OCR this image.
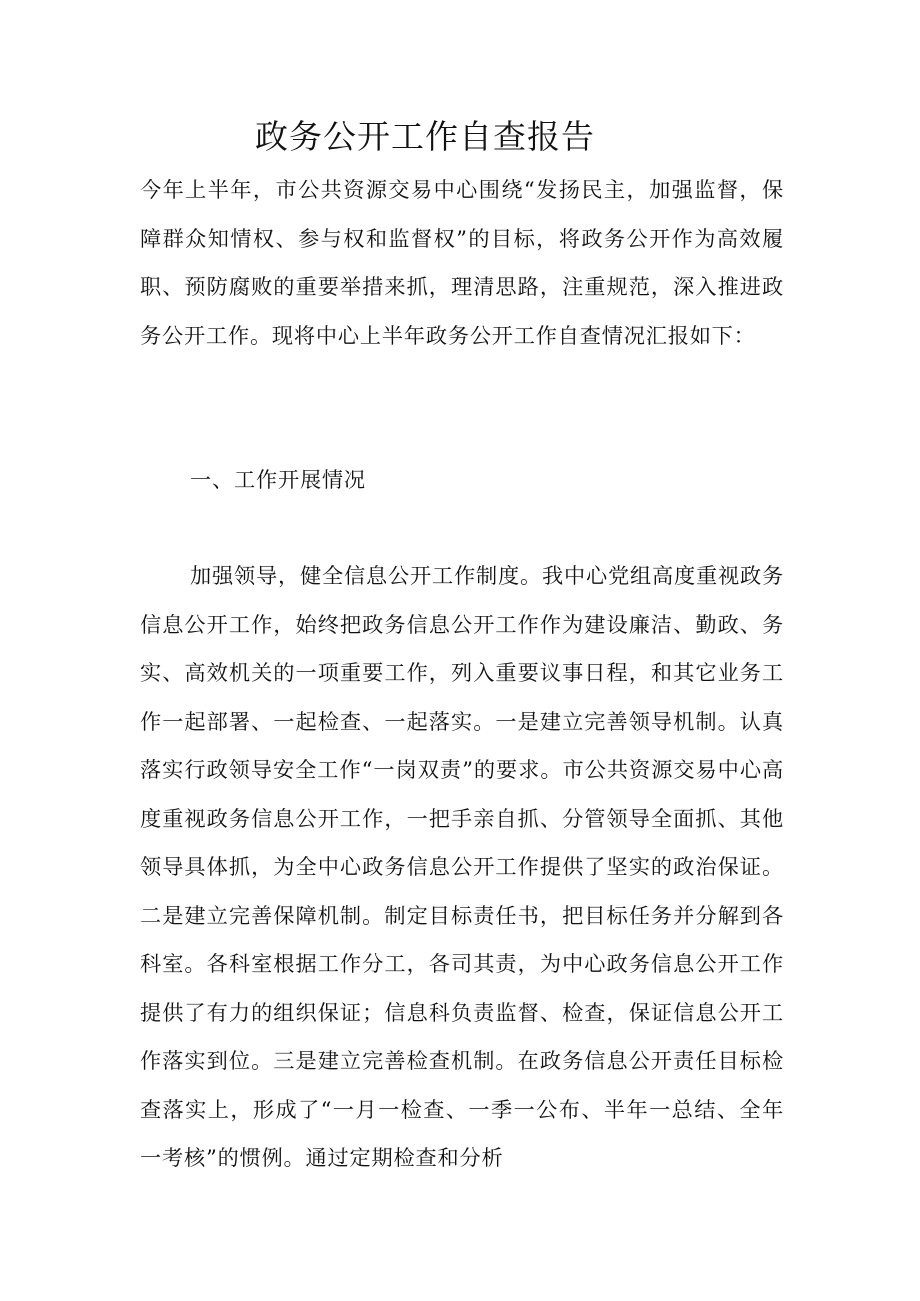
政务公开工作自查报告

今年上半年，市公共资源交易中心围绕“发扬民主，加强监督，保障群众知情权、参与权和监督权”的目标，将政务公开作为高效履职、预防腐败的重要举措来抓，理清思路，注重规范，深入推进政务公开工作。现将中心上半年政务公开工作自查情况汇报如下：

一、工作开展情况

加强领导，健全信息公开工作制度。我中心党组高度重视政务信息公开工作，始终把政务信息公开工作作为建设廉洁、勤政、务实、高效机关的一项重要工作，列入重要议事日程，和其它业务工作一起部署、一起检查、一起落实。一是建立完善领导机制。认真落实行政领导安全工作“一岗双责”的要求。市公共资源交易中心高度重视政务信息公开工作，一把手亲自抓、分管领导全面抓、其他领导具体抓，为全中心政务信息公开工作提供了坚实的政治保证。二是建立完善保障机制。制定目标责任书，把目标任务并分解到各科室。各科室根据工作分工，各司其责，为中心政务信息公开工作提供了有力的组织保证；信息科负责监督、检查，保证信息公开工作落实到位。三是建立完善检查机制。在政务信息公开责任目标检查落实上，形成了“一月一检查、一季一公布、半年一总结、全年一考核”的惯例。通过定期检查和分析
